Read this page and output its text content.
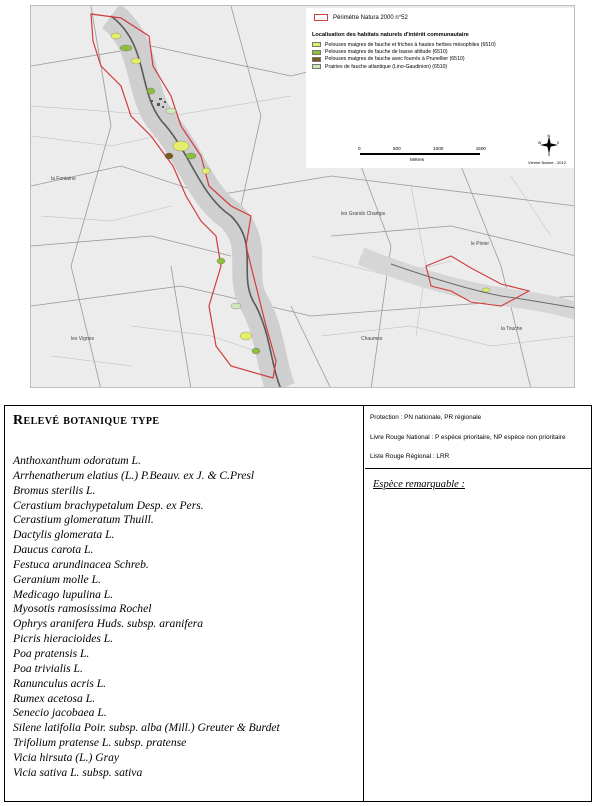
les Grands Champs
le Pinier
la Fontaine
Chaumes
les Vignes
la Touche
Périmètre Natura 2000 n°52
Localisation des habitats naturels d'intérêt communautaire
Pelouses maigres de fauche et friches à hautes herbes mésophiles (6510)
Pelouses maigres de fauche de basse altitude (6510)
Pelouses maigres de fauche avec fourrés à Prunellier (6510)
Prairies de fauche atlantique (Lino-Gaudinion) (6510)
0	500	1000	1500
Mètres
N
S
E
W
Vienne Nature - 2012
Relevé botanique type
Anthoxanthum odoratum L.
Arrhenatherum elatius (L.) P.Beauv. ex J. & C.Presl
Bromus sterilis L.
Cerastium brachypetalum Desp. ex Pers.
Cerastium glomeratum Thuill.
Dactylis glomerata L.
Daucus carota L.
Festuca arundinacea Schreb.
Geranium molle L.
Medicago lupulina L.
Myosotis ramosissima Rochel
Ophrys aranifera Huds. subsp. aranifera
Picris hieracioides L.
Poa pratensis L.
Poa trivialis L.
Ranunculus acris L.
Rumex acetosa L.
Senecio jacobaea L.
Silene latifolia Poir. subsp. alba (Mill.) Greuter & Burdet
Trifolium pratense L. subsp. pratense
Vicia hirsuta (L.) Gray
Vicia sativa L. subsp. sativa
Protection : PN nationale, PR régionale
Livre Rouge National : P espèce prioritaire, NP espèce non prioritaire
Liste Rouge Régional : LRR
Espèce remarquable :
